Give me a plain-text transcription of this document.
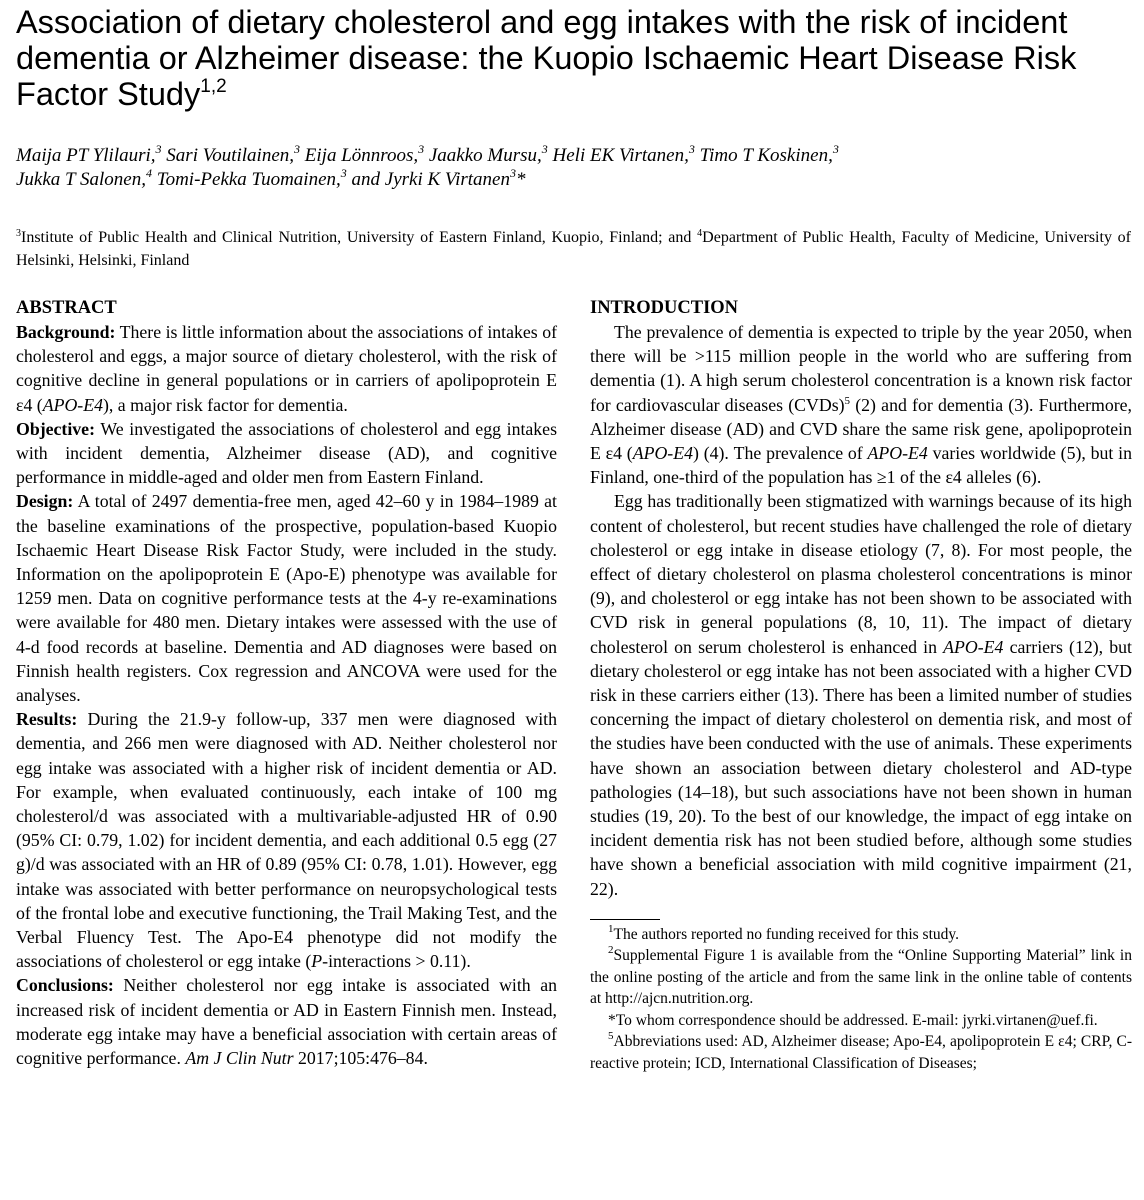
Association of dietary cholesterol and egg intakes with the risk of incident dementia or Alzheimer disease: the Kuopio Ischaemic Heart Disease Risk Factor Study$^{1,2}$
Maija PT Ylilauri,$^3$ Sari Voutilainen,$^3$ Eija Lönnroos,$^3$ Jaakko Mursu,$^3$ Heli EK Virtanen,$^3$ Timo T Koskinen,$^3$
Jukka T Salonen,$^4$ Tomi-Pekka Tuomainen,$^3$ and Jyrki K Virtanen$^3$*
$^3$Institute of Public Health and Clinical Nutrition, University of Eastern Finland, Kuopio, Finland; and $^4$Department of Public Health, Faculty of Medicine, University of Helsinki, Helsinki, Finland
ABSTRACT

Background: There is little information about the associations of intakes of cholesterol and eggs, a major source of dietary cholesterol, with the risk of cognitive decline in general populations or in carriers of apolipoprotein E ε4 (APO-E4), a major risk factor for dementia.

Objective: We investigated the associations of cholesterol and egg intakes with incident dementia, Alzheimer disease (AD), and cognitive performance in middle-aged and older men from Eastern Finland.

Design: A total of 2497 dementia-free men, aged 42–60 y in 1984–1989 at the baseline examinations of the prospective, population-based Kuopio Ischaemic Heart Disease Risk Factor Study, were included in the study. Information on the apolipoprotein E (Apo-E) phenotype was available for 1259 men. Data on cognitive performance tests at the 4-y re-examinations were available for 480 men. Dietary intakes were assessed with the use of 4-d food records at baseline. Dementia and AD diagnoses were based on Finnish health registers. Cox regression and ANCOVA were used for the analyses.

Results: During the 21.9-y follow-up, 337 men were diagnosed with dementia, and 266 men were diagnosed with AD. Neither cholesterol nor egg intake was associated with a higher risk of incident dementia or AD. For example, when evaluated continuously, each intake of 100 mg cholesterol/d was associated with a multivariable-adjusted HR of 0.90 (95% CI: 0.79, 1.02) for incident dementia, and each additional 0.5 egg (27 g)/d was associated with an HR of 0.89 (95% CI: 0.78, 1.01). However, egg intake was associated with better performance on neuropsychological tests of the frontal lobe and executive functioning, the Trail Making Test, and the Verbal Fluency Test. The Apo-E4 phenotype did not modify the associations of cholesterol or egg intake (P-interactions > 0.11).

Conclusions: Neither cholesterol nor egg intake is associated with an increased risk of incident dementia or AD in Eastern Finnish men. Instead, moderate egg intake may have a beneficial association with certain areas of cognitive performance. Am J Clin Nutr 2017;105:476–84.

INTRODUCTION

The prevalence of dementia is expected to triple by the year 2050, when there will be >115 million people in the world who are suffering from dementia (1). A high serum cholesterol concentration is a known risk factor for cardiovascular diseases (CVDs)$^5$ (2) and for dementia (3). Furthermore, Alzheimer disease (AD) and CVD share the same risk gene, apolipoprotein E ε4 (APO-E4) (4). The prevalence of APO-E4 varies worldwide (5), but in Finland, one-third of the population has ≥1 of the ε4 alleles (6).

Egg has traditionally been stigmatized with warnings because of its high content of cholesterol, but recent studies have challenged the role of dietary cholesterol or egg intake in disease etiology (7, 8). For most people, the effect of dietary cholesterol on plasma cholesterol concentrations is minor (9), and cholesterol or egg intake has not been shown to be associated with CVD risk in general populations (8, 10, 11). The impact of dietary cholesterol on serum cholesterol is enhanced in APO-E4 carriers (12), but dietary cholesterol or egg intake has not been associated with a higher CVD risk in these carriers either (13). There has been a limited number of studies concerning the impact of dietary cholesterol on dementia risk, and most of the studies have been conducted with the use of animals. These experiments have shown an association between dietary cholesterol and AD-type pathologies (14–18), but such associations have not been shown in human studies (19, 20). To the best of our knowledge, the impact of egg intake on incident dementia risk has not been studied before, although some studies have shown a beneficial association with mild cognitive impairment (21, 22).

$^1$The authors reported no funding received for this study.

$^2$Supplemental Figure 1 is available from the “Online Supporting Material” link in the online posting of the article and from the same link in the online table of contents at http://ajcn.nutrition.org.

*To whom correspondence should be addressed. E-mail: jyrki.virtanen@uef.fi.

$^5$Abbreviations used: AD, Alzheimer disease; Apo-E4, apolipoprotein E ε4; CRP, C-reactive protein; ICD, International Classification of Diseases;
